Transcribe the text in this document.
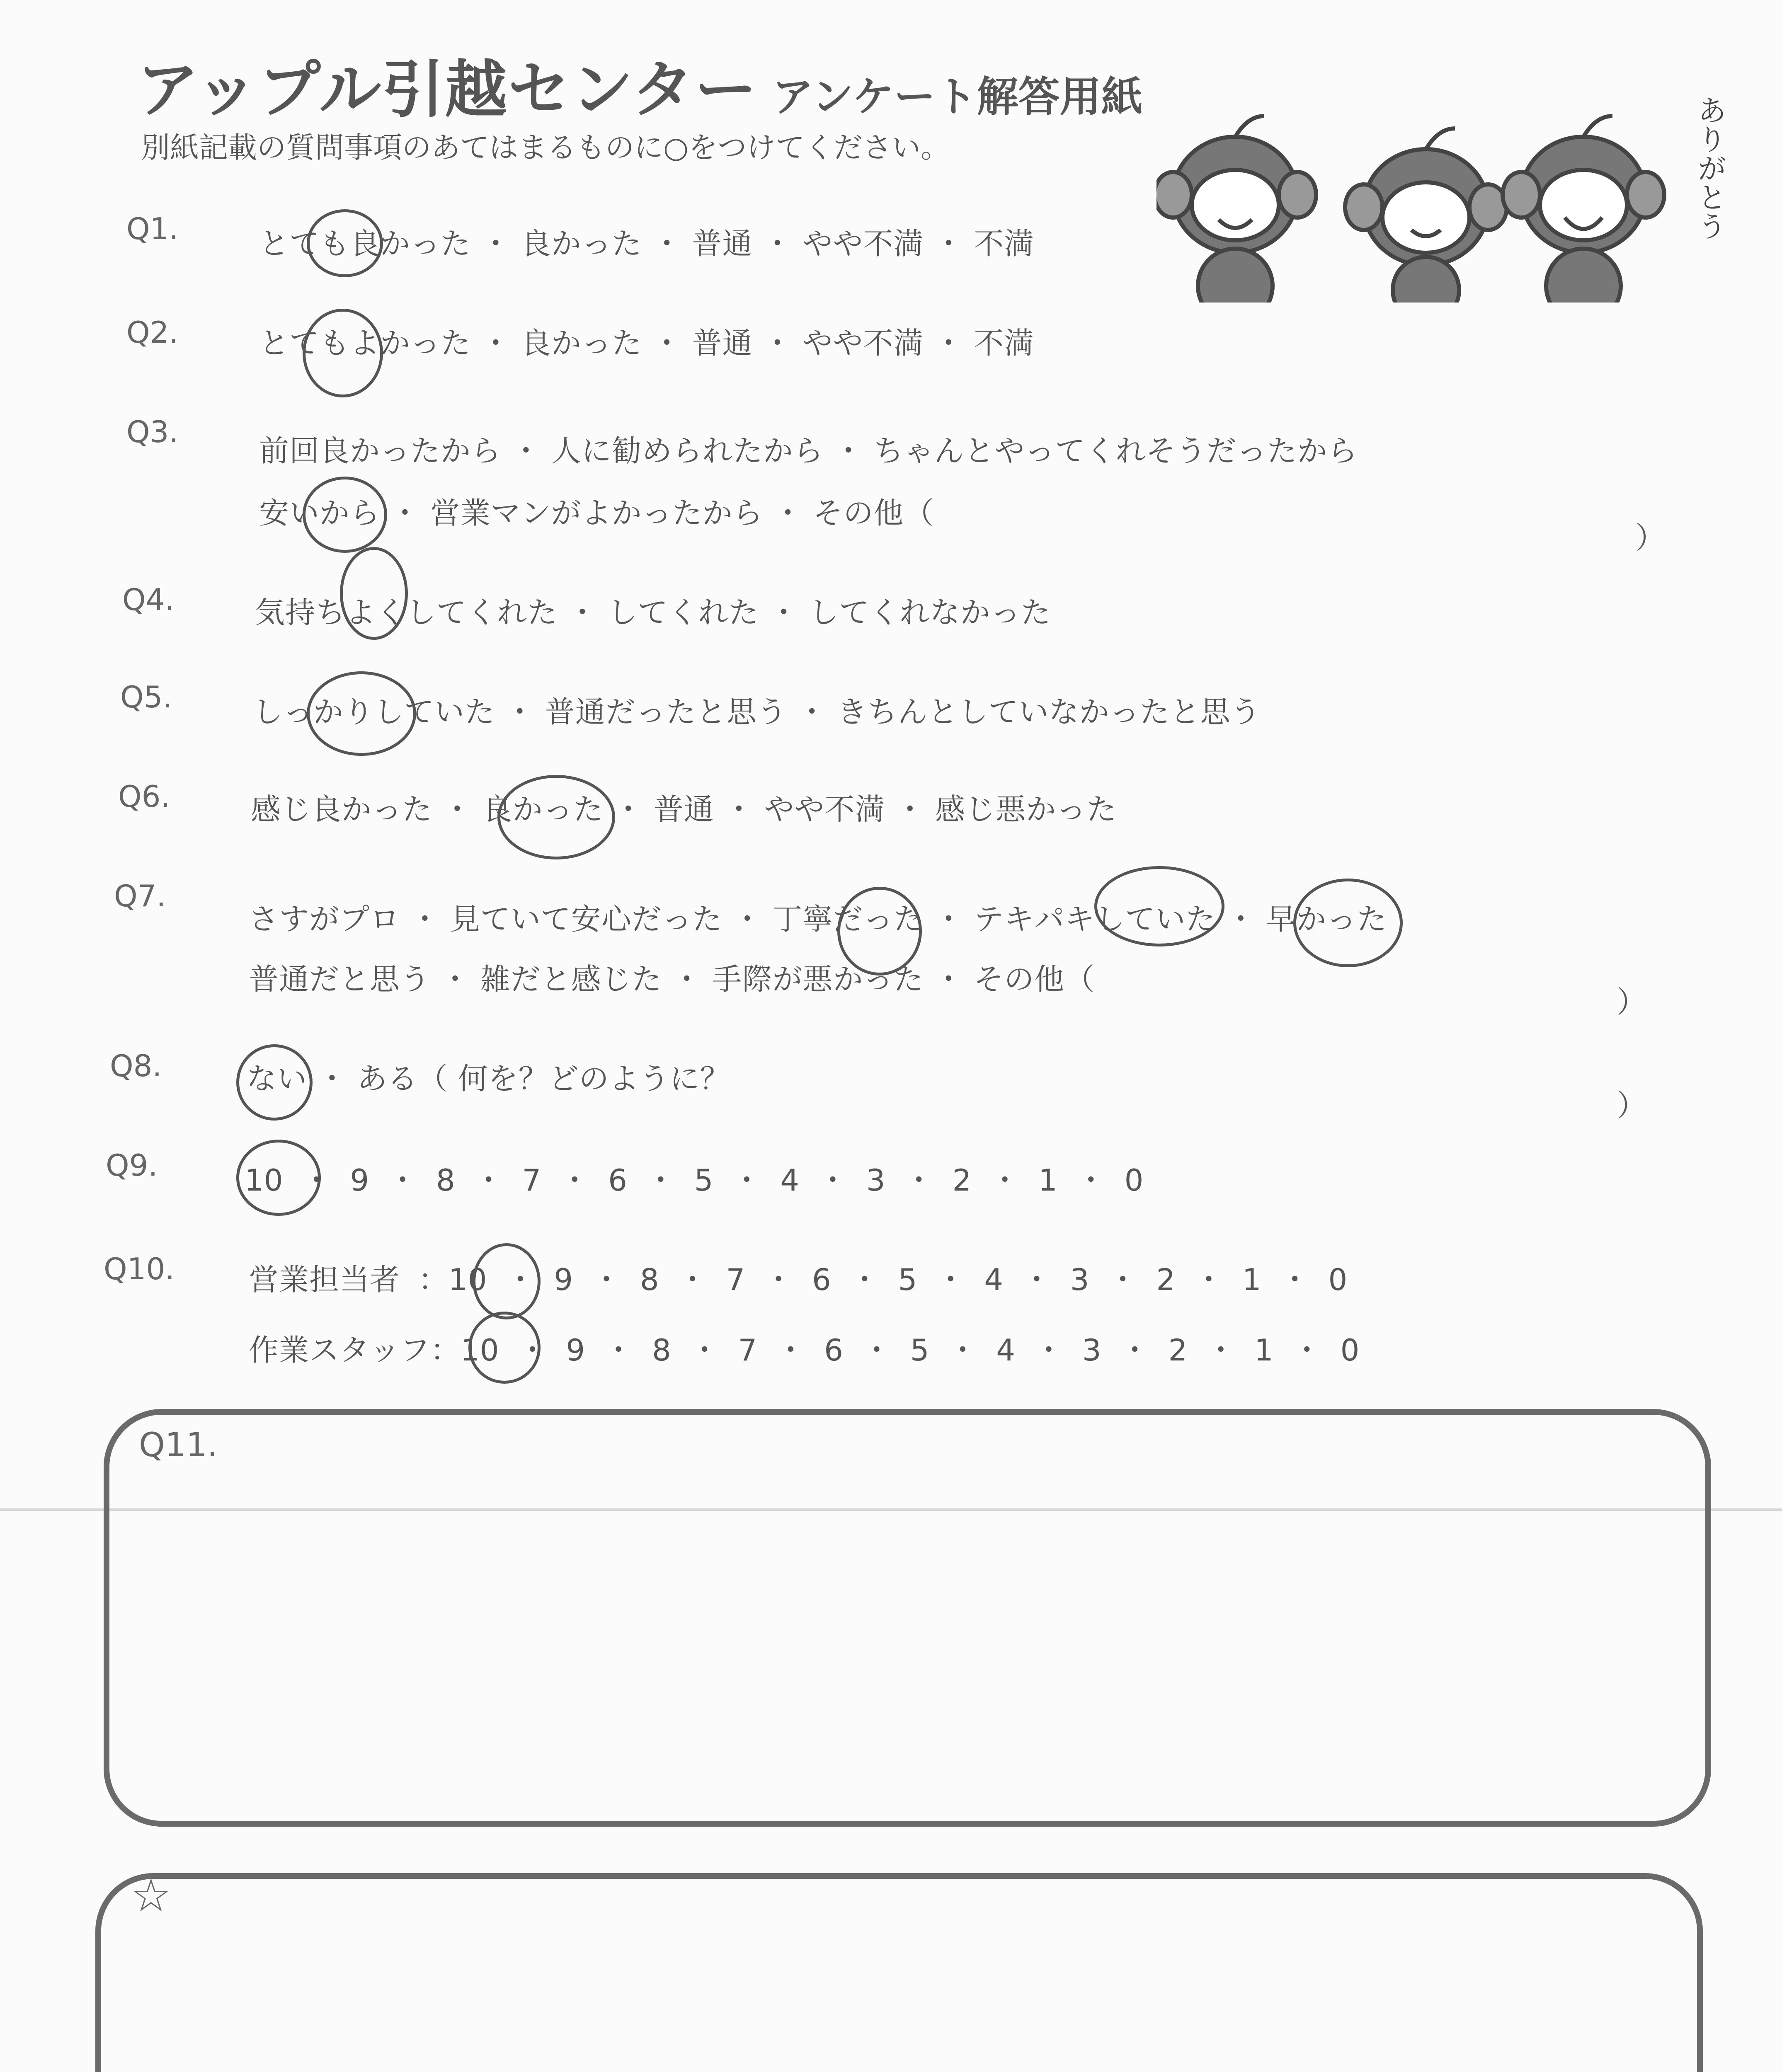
アップル引越センター アンケート解答用紙
別紙記載の質問事項のあてはまるものに○をつけてください。	ありがとう
Q1.	とても良かった ・ 良かった ・ 普通 ・ やや不満 ・ 不満
Q2.	とてもよかった ・ 良かった ・ 普通 ・ やや不満 ・ 不満
Q3.
前回良かったから ・ 人に勧められたから ・ ちゃんとやってくれそうだったから
安いから ・ 営業マンがよかったから ・ その他（
）
Q4.	気持ちよくしてくれた ・ してくれた ・ してくれなかった
Q5.	しっかりしていた ・ 普通だったと思う ・ きちんとしていなかったと思う
Q6.	感じ良かった ・ 良かった ・ 普通 ・ やや不満 ・ 感じ悪かった
Q7.
さすがプロ ・ 見ていて安心だった ・ 丁寧だった ・ テキパキしていた ・ 早かった
普通だと思う ・ 雑だと感じた ・ 手際が悪かった ・ その他（
）
Q8.	ない ・ ある（ 何を？どのように？
）
Q9.	10 ・ 9 ・ 8 ・ 7 ・ 6 ・ 5 ・ 4 ・ 3 ・ 2 ・ 1 ・ 0
Q10. 営業担当者 ：10 ・ 9 ・ 8 ・ 7 ・ 6 ・ 5 ・ 4 ・ 3 ・ 2 ・ 1 ・ 0
作業スタッフ：10 ・ 9 ・ 8 ・ 7 ・ 6 ・ 5 ・ 4 ・ 3 ・ 2 ・ 1 ・ 0
Q11.
☆
